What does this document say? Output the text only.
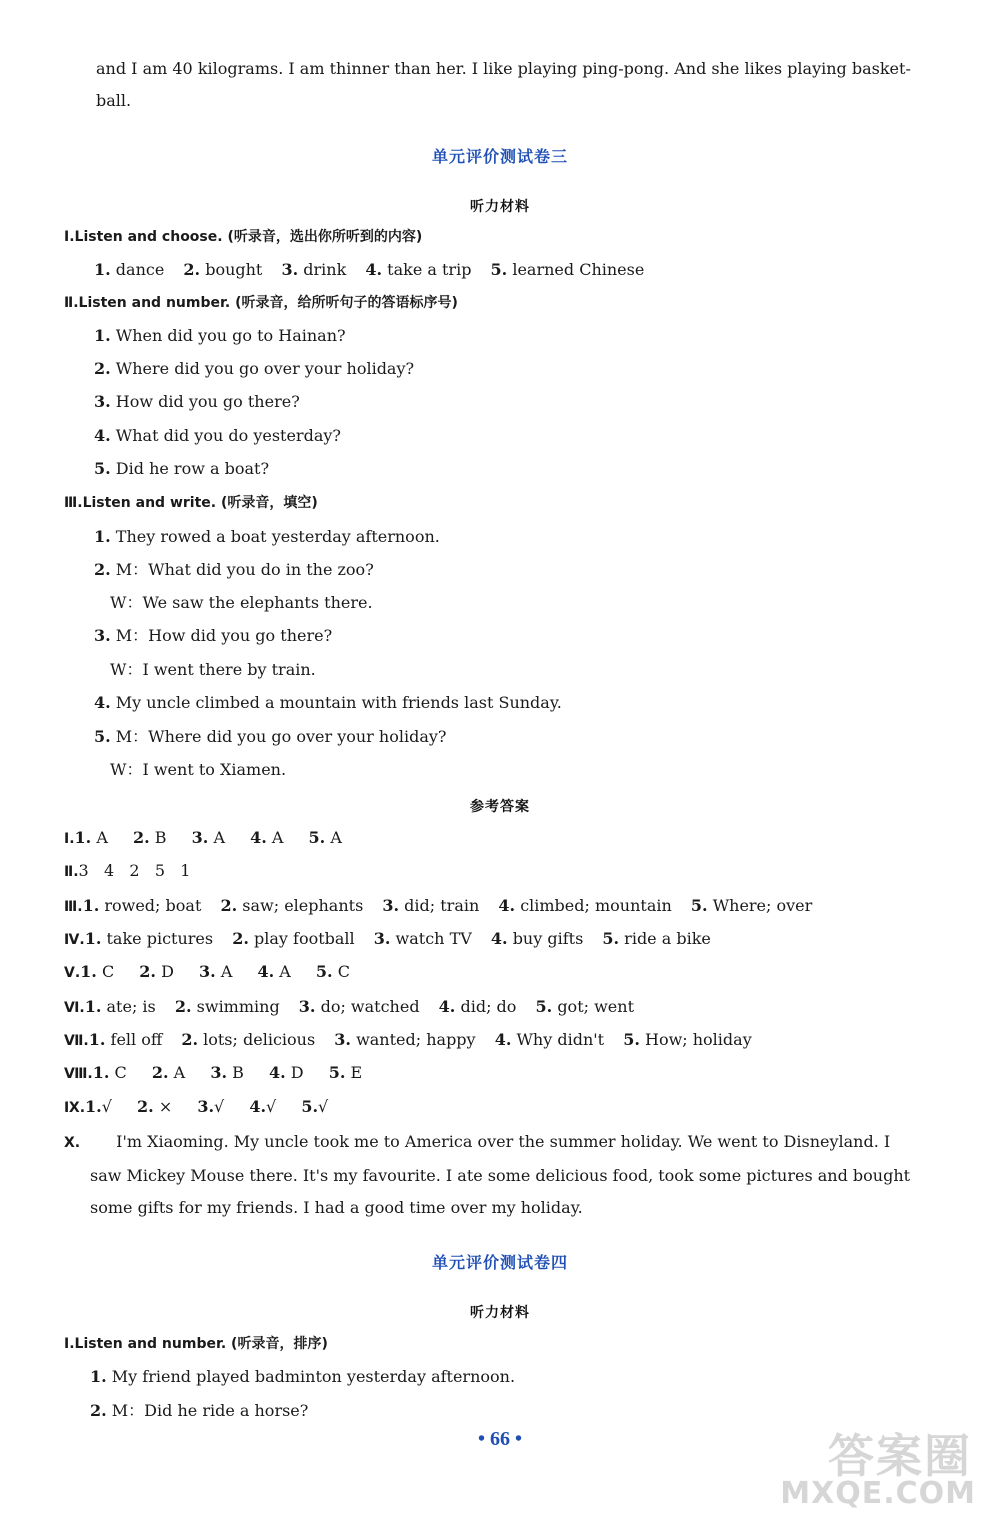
and I am 40 kilograms. I am thinner than her. I like playing ping-pong. And she likes playing basket-
ball.
单元评价测试卷三
听力材料
Ⅰ.Listen and choose. (听录音，选出你所听到的内容)
1. dance 2. bought 3. drink 4. take a trip 5. learned Chinese
Ⅱ.Listen and number. (听录音，给所听句子的答语标序号)
1. When did you go to Hainan?
2. Where did you go over your holiday?
3. How did you go there?
4. What did you do yesterday?
5. Did he row a boat?
Ⅲ.Listen and write. (听录音，填空)
1. They rowed a boat yesterday afternoon.
2. M：What did you do in the zoo?
W：We saw the elephants there.
3. M：How did you go there?
W：I went there by train.
4. My uncle climbed a mountain with friends last Sunday.
5. M：Where did you go over your holiday?
W：I went to Xiamen.
参考答案
Ⅰ.1. A 2. B 3. A 4. A 5. A
Ⅱ.3   4   2   5   1
Ⅲ.1. rowed; boat 2. saw; elephants 3. did; train 4. climbed; mountain 5. Where; over
Ⅳ.1. take pictures 2. play football 3. watch TV 4. buy gifts 5. ride a bike
Ⅴ.1. C 2. D 3. A 4. A 5. C
Ⅵ.1. ate; is 2. swimming 3. do; watched 4. did; do 5. got; went
Ⅶ.1. fell off 2. lots; delicious 3. wanted; happy 4. Why didn't 5. How; holiday
Ⅷ.1. C 2. A 3. B 4. D 5. E
Ⅸ.1.√ 2. × 3.√ 4.√ 5.√
Ⅹ. I'm Xiaoming. My uncle took me to America over the summer holiday. We went to Disneyland. I
saw Mickey Mouse there. It's my favourite. I ate some delicious food, took some pictures and bought
some gifts for my friends. I had a good time over my holiday.
单元评价测试卷四
听力材料
Ⅰ.Listen and number. (听录音，排序)
1. My friend played badminton yesterday afternoon.
2. M：Did he ride a horse?
• 66 •	答案圈
MXQE.COM
